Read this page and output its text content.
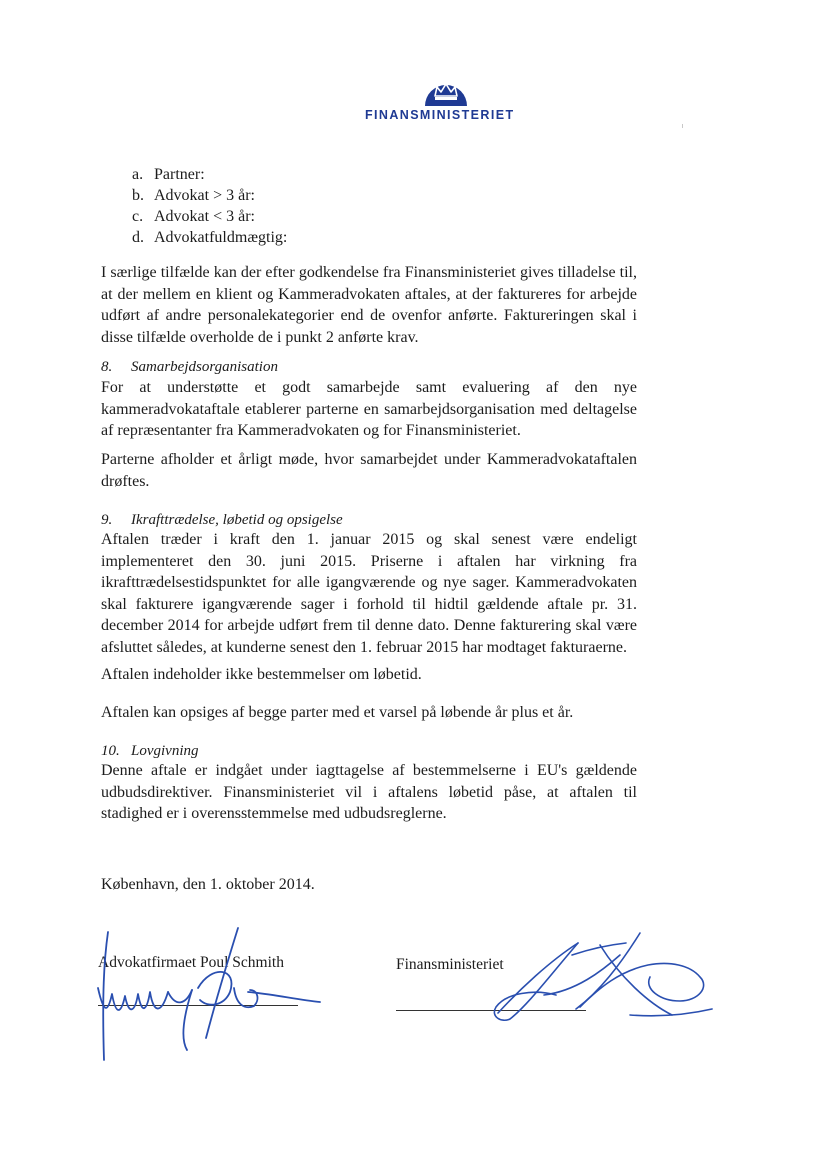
FINANSMINISTERIET
a. Partner:
b. Advokat > 3 år:
c. Advokat < 3 år:
d. Advokatfuldmægtig:

I særlige tilfælde kan der efter godkendelse fra Finansministeriet gives tilladelse til, at der mellem en klient og Kammeradvokaten aftales, at der faktureres for arbejde udført af andre personalekategorier end de ovenfor anførte. Faktureringen skal i disse tilfælde overholde de i punkt 2 anførte krav.

8. Samarbejdsorganisation

For at understøtte et godt samarbejde samt evaluering af den nye kammeradvokataftale etablerer parterne en samarbejdsorganisation med deltagelse af repræsentanter fra Kammeradvokaten og for Finansministeriet.

Parterne afholder et årligt møde, hvor samarbejdet under Kammeradvokataftalen drøftes.

9. Ikrafttrædelse, løbetid og opsigelse

Aftalen træder i kraft den 1. januar 2015 og skal senest være endeligt implementeret den 30. juni 2015. Priserne i aftalen har virkning fra ikrafttrædelsestidspunktet for alle igangværende og nye sager. Kammeradvokaten skal fakturere igangværende sager i forhold til hidtil gældende aftale pr. 31. december 2014 for arbejde udført frem til denne dato. Denne fakturering skal være afsluttet således, at kunderne senest den 1. februar 2015 har modtaget fakturaerne.

Aftalen indeholder ikke bestemmelser om løbetid.

Aftalen kan opsiges af begge parter med et varsel på løbende år plus et år.

10. Lovgivning

Denne aftale er indgået under iagttagelse af bestemmelserne i EU's gældende udbudsdirektiver. Finansministeriet vil i aftalens løbetid påse, at aftalen til stadighed er i overensstemmelse med udbudsreglerne.

København, den 1. oktober 2014.
Advokatfirmaet Poul Schmith	Finansministeriet
